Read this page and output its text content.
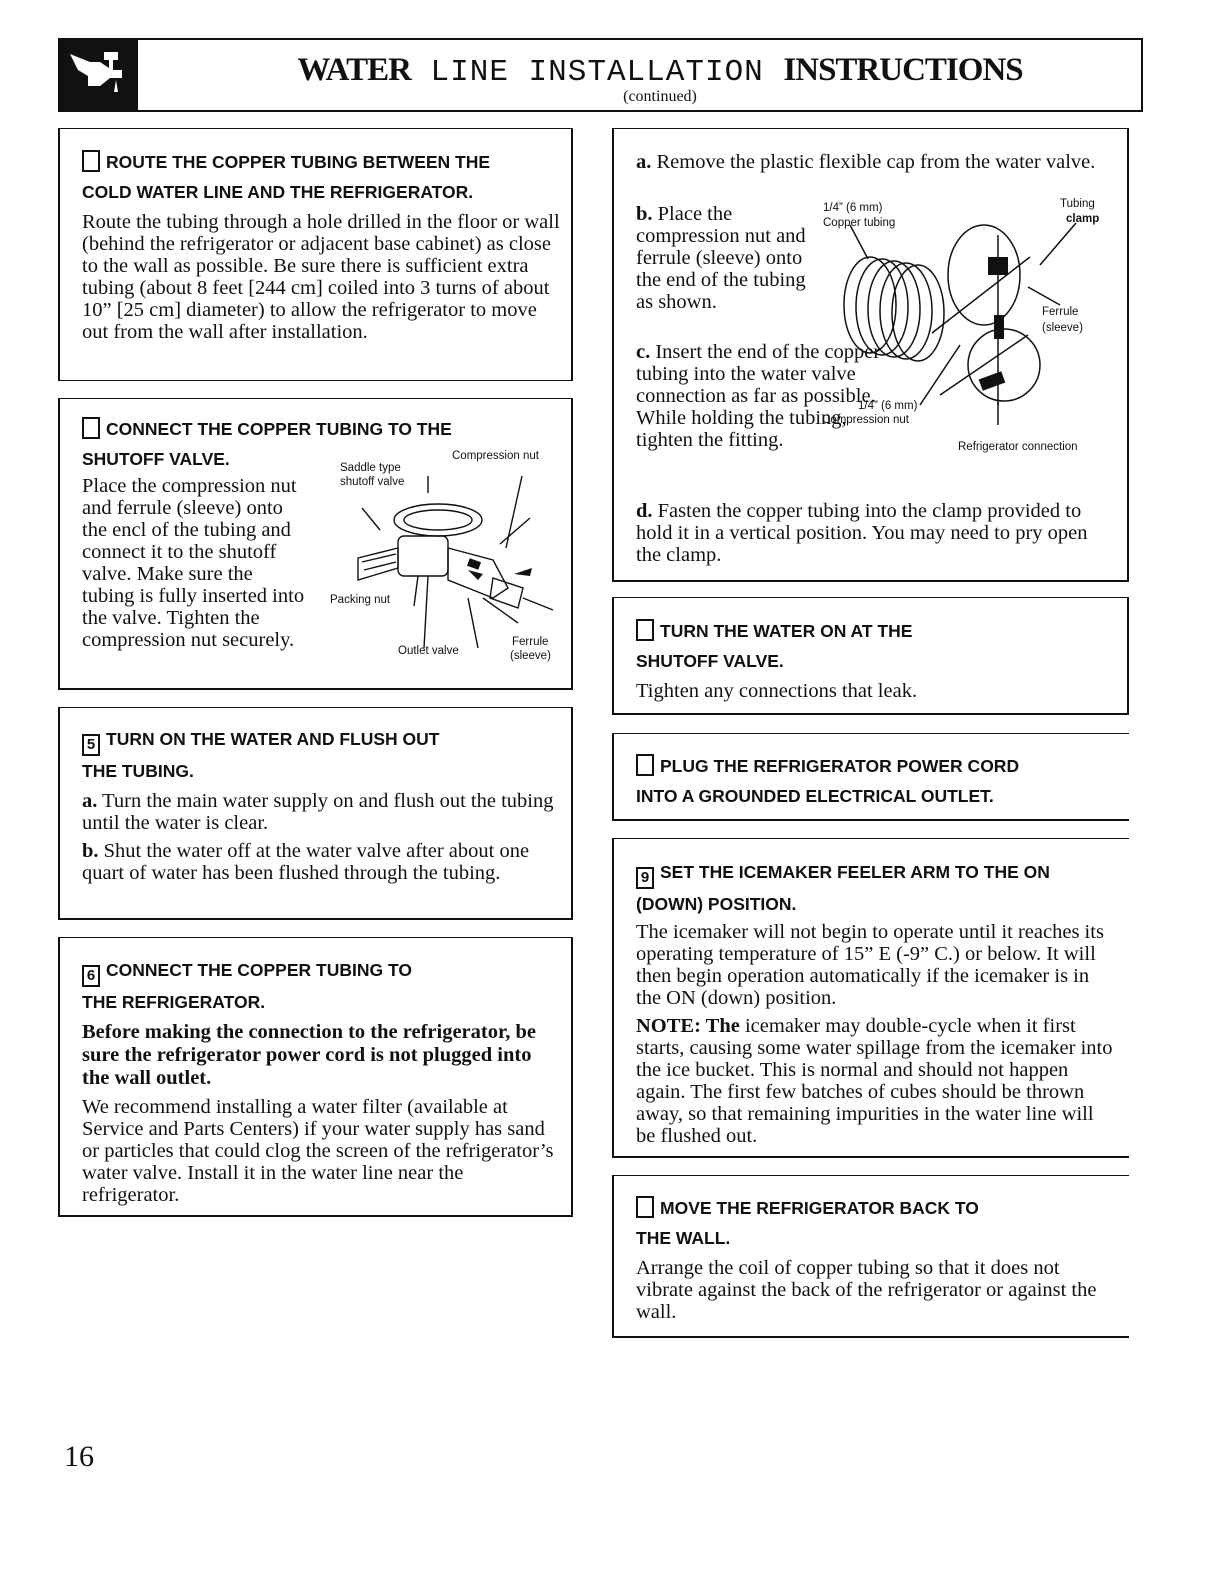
WATER LINE INSTALLATION INSTRUCTIONS
(continued)
ROUTE THE COPPER TUBING BETWEEN THE
COLD WATER LINE AND THE REFRIGERATOR.

Route the tubing through a hole drilled in the floor or wall (behind the refrigerator or adjacent base cabinet) as close to the wall as possible. Be sure there is sufficient extra tubing (about 8 feet [244 cm] coiled into 3 turns of about 10” [25 cm] diameter) to allow the refrigerator to move out from the wall after installation.

CONNECT THE COPPER TUBING TO THE
SHUTOFF VALVE.

Place the compression nut and ferrule (sleeve) onto the encl of the tubing and connect it to the shutoff valve. Make sure the tubing is fully inserted into the valve. Tighten the compression nut securely.

Saddle type
shutoff valve
Compression nut
Packing nut
Outlet valve
Ferrule
(sleeve)
5 TURN ON THE WATER AND FLUSH OUT
THE TUBING.

a. Turn the main water supply on and flush out the tubing until the water is clear.

b. Shut the water off at the water valve after about one quart of water has been flushed through the tubing.

6 CONNECT THE COPPER TUBING TO
THE REFRIGERATOR.

Before making the connection to the refrigerator, be sure the refrigerator power cord is not plugged into the wall outlet.

We recommend installing a water filter (available at Service and Parts Centers) if your water supply has sand or particles that could clog the screen of the refrigerator’s water valve. Install it in the water line near the refrigerator.

a. Remove the plastic flexible cap from the water valve.

b. Place the compression nut and ferrule (sleeve) onto the end of the tubing as shown.

c. Insert the end of the copper tubing into the water valve connection as far as possible. While holding the tubing, tighten the fitting.

d. Fasten the copper tubing into the clamp provided to hold it in a vertical position. You may need to pry open the clamp.

1/4” (6 mm)
Copper tubing
Tubing
clamp
Ferrule
(sleeve)
1/4” (6 mm)
Compression nut
Refrigerator connection
TURN THE WATER ON AT THE
SHUTOFF VALVE.

Tighten any connections that leak.

PLUG THE REFRIGERATOR POWER CORD
INTO A GROUNDED ELECTRICAL OUTLET.
9 SET THE ICEMAKER FEELER ARM TO THE ON
(DOWN) POSITION.

The icemaker will not begin to operate until it reaches its operating temperature of 15” E (-9” C.) or below. It will then begin operation automatically if the icemaker is in the ON (down) position.

NOTE: The icemaker may double-cycle when it first starts, causing some water spillage from the icemaker into the ice bucket. This is normal and should not happen again. The first few batches of cubes should be thrown away, so that remaining impurities in the water line will be flushed out.

MOVE THE REFRIGERATOR BACK TO
THE WALL.

Arrange the coil of copper tubing so that it does not vibrate against the back of the refrigerator or against the wall.

16
